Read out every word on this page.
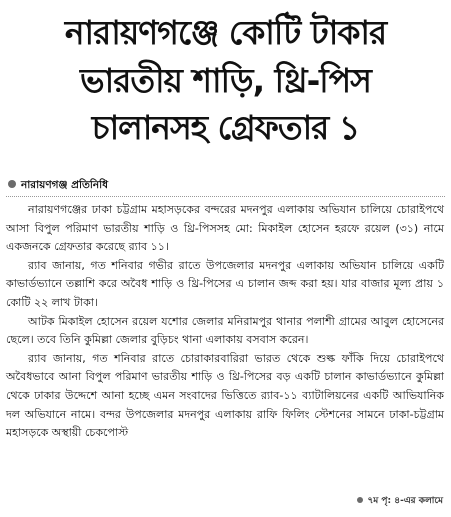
নারায়ণগঞ্জে কোটি টাকার
ভারতীয় শাড়ি, থ্রি-পিস
চালানসহ গ্রেফতার ১
নারায়ণগঞ্জ প্রতিনিধি

নারায়ণগঞ্জের ঢাকা চট্টগ্রাম মহাসড়কের বন্দরের মদনপুর এলাকায় অভিযান চালিয়ে চোরাইপথে আসা বিপুল পরিমাণ ভারতীয় শাড়ি ও থ্রি-পিসসহ মো: মিকাইল হোসেন হরফে রয়েল (৩১) নামে একজনকে গ্রেফতার করেছে র‍্যাব ১১।

র‍্যাব জানায়, গত শনিবার গভীর রাতে উপজেলার মদনপুর এলাকায় অভিযান চালিয়ে একটি কাভার্ডভ্যানে তল্লাশি করে অবৈধ শাড়ি ও থ্রি-পিসের এ চালান জব্দ করা হয়। যার বাজার মূল্য প্রায় ১ কোটি ২২ লাখ টাকা।

আটক মিকাইল হোসেন রয়েল যশোর জেলার মনিরামপুর থানার পলাশী গ্রামের আবুল হোসেনের ছেলে। তবে তিনি কুমিল্লা জেলার বুড়িচং থানা এলাকায় বসবাস করেন।

র‍্যাব জানায়, গত শনিবার রাতে চোরাকারবারিরা ভারত থেকে শুল্ক ফাঁকি দিয়ে চোরাইপথে অবৈধভাবে আনা বিপুল পরিমাণ ভারতীয় শাড়ি ও থ্রি-পিসের বড় একটি চালান কাভার্ডভ্যানে কুমিল্লা থেকে ঢাকার উদ্দেশে আনা হচ্ছে এমন সংবাদের ভিত্তিতে র‍্যাব-১১ ব্যাটালিয়নের একটি আভিযানিক দল অভিযানে নামে। বন্দর উপজেলার মদনপুর এলাকায় রাফি ফিলিং স্টেশনের সামনে ঢাকা-চট্টগ্রাম মহাসড়কে অস্থায়ী চেকপোস্ট

৭ম পৃ: ৪-এর কলামে
